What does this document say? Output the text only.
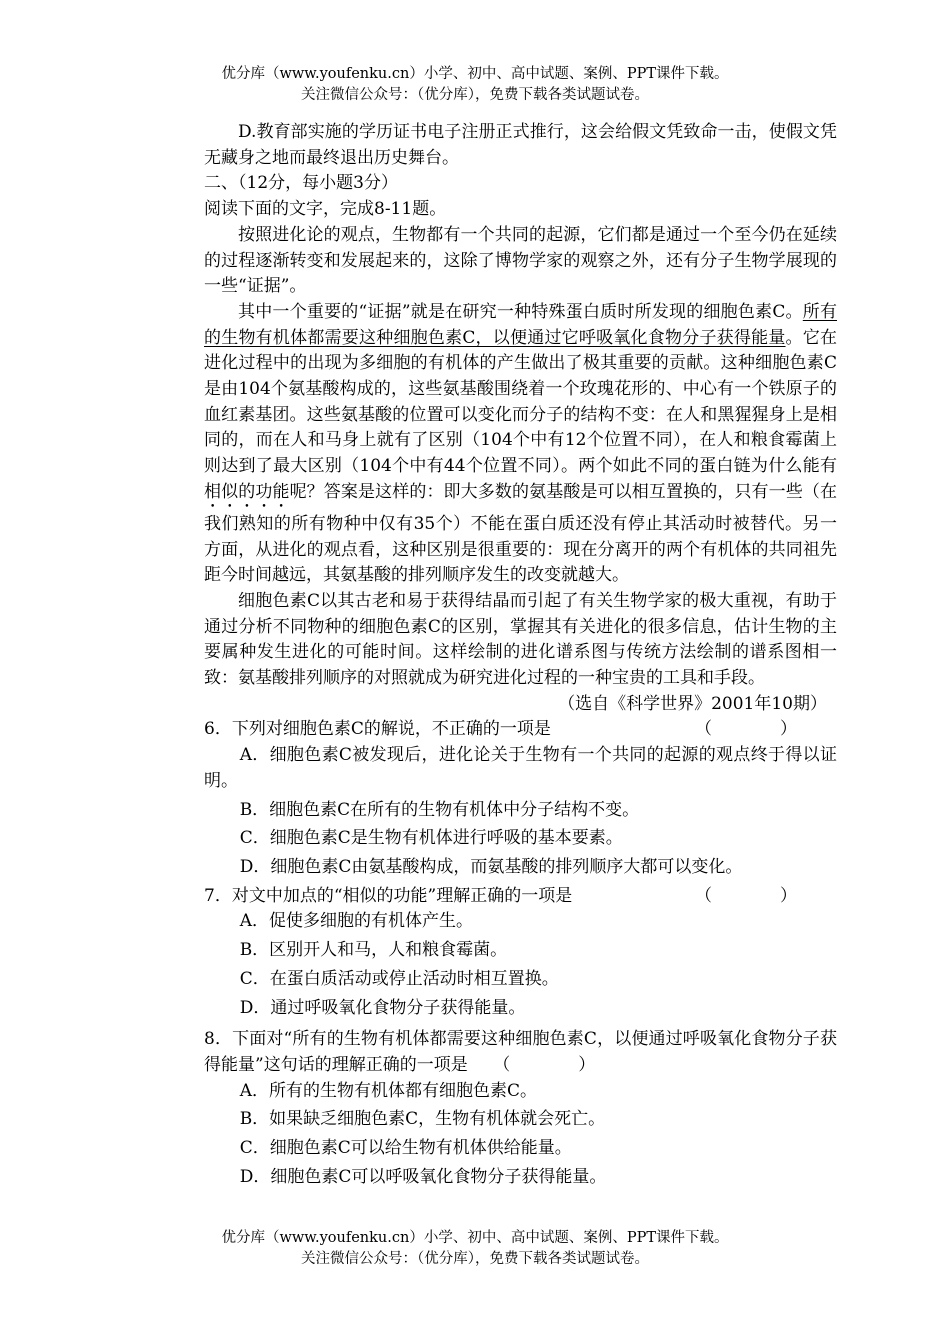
优分库（www.youfenku.cn）小学、初中、高中试题、案例、PPT课件下载。
关注微信公众号：（优分库），免费下载各类试题试卷。

D.教育部实施的学历证书电子注册正式推行，这会给假文凭致命一击，使假文凭无藏身之地而最终退出历史舞台。

二、（12分，每小题3分）

阅读下面的文字，完成8-11题。

按照进化论的观点，生物都有一个共同的起源，它们都是通过一个至今仍在延续的过程逐渐转变和发展起来的，这除了博物学家的观察之外，还有分子生物学展现的一些“证据”。

其中一个重要的“证据”就是在研究一种特殊蛋白质时所发现的细胞色素C。所有的生物有机体都需要这种细胞色素C，以便通过它呼吸氧化食物分子获得能量。它在进化过程中的出现为多细胞的有机体的产生做出了极其重要的贡献。这种细胞色素C是由104个氨基酸构成的，这些氨基酸围绕着一个玫瑰花形的、中心有一个铁原子的血红素基团。这些氨基酸的位置可以变化而分子的结构不变：在人和黑猩猩身上是相同的，而在人和马身上就有了区别（104个中有12个位置不同），在人和粮食霉菌上则达到了最大区别（104个中有44个位置不同）。两个如此不同的蛋白链为什么能有相似的功能呢？答案是这样的：即大多数的氨基酸是可以相互置换的，只有一些（在我们熟知的所有物种中仅有35个）不能在蛋白质还没有停止其活动时被替代。另一方面，从进化的观点看，这种区别是很重要的：现在分离开的两个有机体的共同祖先距今时间越远，其氨基酸的排列顺序发生的改变就越大。

细胞色素C以其古老和易于获得结晶而引起了有关生物学家的极大重视，有助于通过分析不同物种的细胞色素C的区别，掌握其有关进化的很多信息，估计生物的主要属种发生进化的可能时间。这样绘制的进化谱系图与传统方法绘制的谱系图相一致：氨基酸排列顺序的对照就成为研究进化过程的一种宝贵的工具和手段。

（选自《科学世界》2001年10期）

6．下列对细胞色素C的解说，不正确的一项是	（　　　　）

A．细胞色素C被发现后，进化论关于生物有一个共同的起源的观点终于得以证明。

B．细胞色素C在所有的生物有机体中分子结构不变。

C．细胞色素C是生物有机体进行呼吸的基本要素。

D．细胞色素C由氨基酸构成，而氨基酸的排列顺序大都可以变化。

7．对文中加点的“相似的功能”理解正确的一项是	（　　　　）

A．促使多细胞的有机体产生。

B．区别开人和马，人和粮食霉菌。

C．在蛋白质活动或停止活动时相互置换。

D．通过呼吸氧化食物分子获得能量。

8．下面对“所有的生物有机体都需要这种细胞色素C，以便通过呼吸氧化食物分子获得能量”这句话的理解正确的一项是　　 （　　　　）

A．所有的生物有机体都有细胞色素C。

B．如果缺乏细胞色素C，生物有机体就会死亡。

C．细胞色素C可以给生物有机体供给能量。

D．细胞色素C可以呼吸氧化食物分子获得能量。

优分库（www.youfenku.cn）小学、初中、高中试题、案例、PPT课件下载。
关注微信公众号：（优分库），免费下载各类试题试卷。
